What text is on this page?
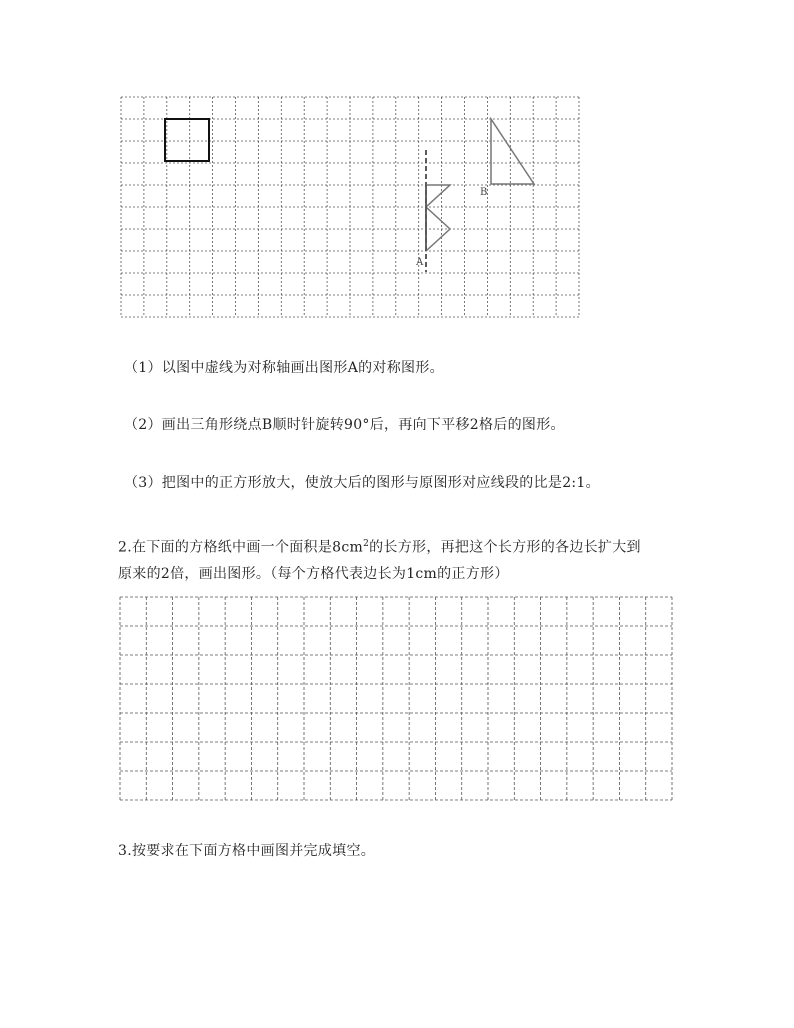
A
B
（1）以图中虚线为对称轴画出图形A的对称图形。
（2）画出三角形绕点B顺时针旋转90°后，再向下平移2格后的图形。
（3）把图中的正方形放大，使放大后的图形与原图形对应线段的比是2:1。
2.在下面的方格纸中画一个面积是$8cm^2$的长方形，再把这个长方形的各边长扩大到
原来的2倍，画出图形。（每个方格代表边长为1cm的正方形）
3.按要求在下面方格中画图并完成填空。
